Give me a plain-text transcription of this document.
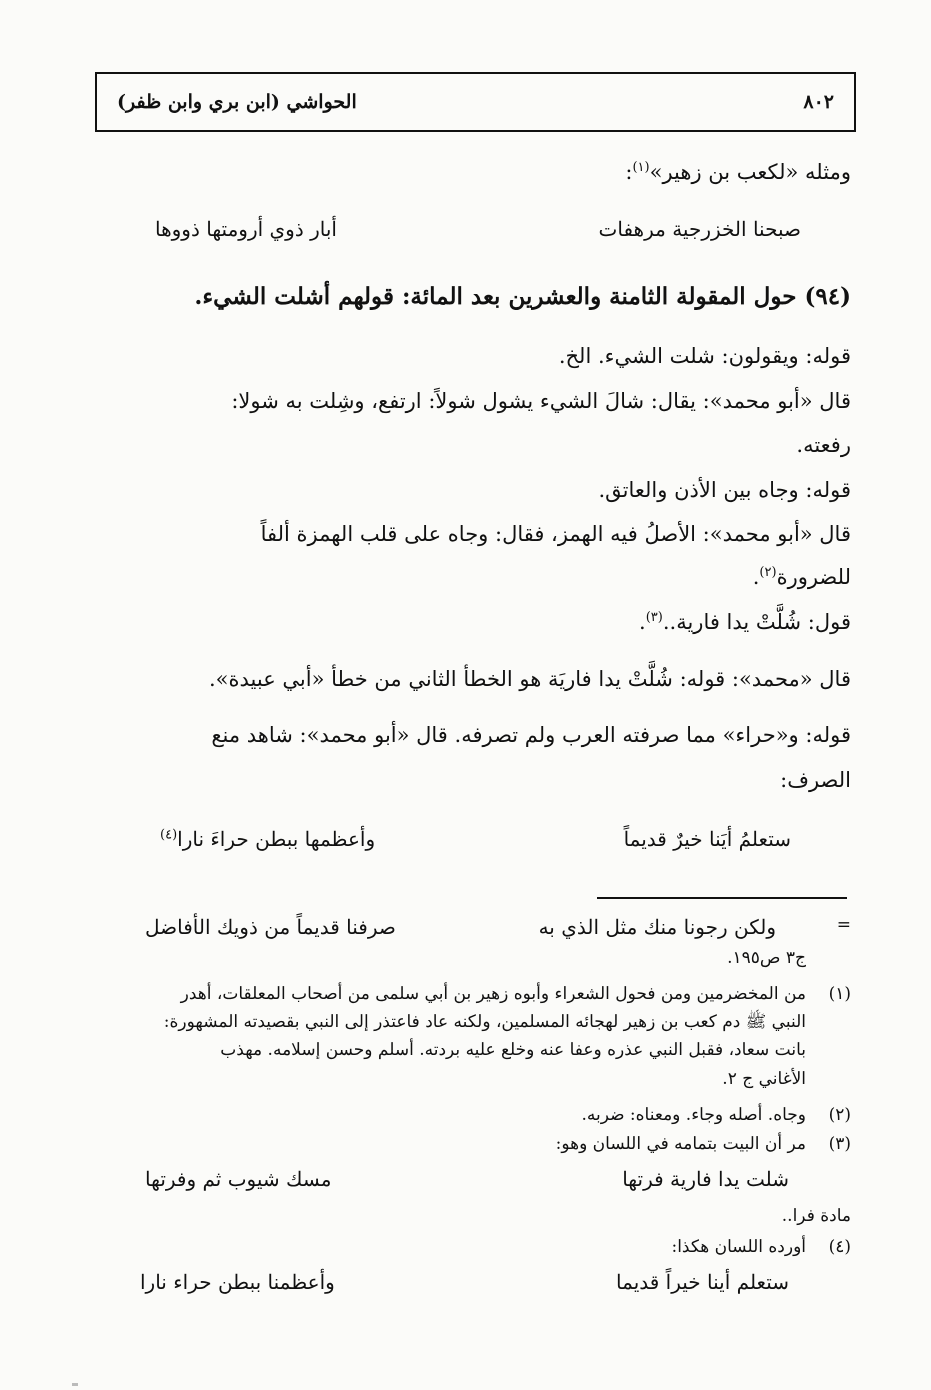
٨٠٢
الحواشي (ابن بري وابن ظفر)
ومثله «لكعب بن زهير»$^{(١)}$:
صبحنا الخزرجية مرهفات
أبار ذوي أرومتها ذووها
(٩٤) حول المقولة الثامنة والعشرين بعد المائة: قولهم أشلت الشيء.
قوله: ويقولون: شلت الشيء. الخ.
قال «أبو محمد»: يقال: شالَ الشيء يشول شولاً: ارتفع، وشِلت به شولا:
رفعته.
قوله: وجاه بين الأذن والعاتق.
قال «أبو محمد»: الأصلُ فيه الهمز، فقال: وجاه على قلب الهمزة ألفاً
للضرورة$^{(٢)}$.
قول: شُلَّتْ يدا فارية..$^{(٣)}$.
قال «محمد»: قوله: شُلَّتْ يدا فاريَة هو الخطأ الثاني من خطأ «أبي عبيدة».
قوله: و«حراء» مما صرفته العرب ولم تصرفه. قال «أبو محمد»: شاهد منع
الصرف:
ستعلمُ أيَنا خيرٌ قديماً
وأعظمها ببطن حراءَ نارا$^{(٤)}$
=
ولكن رجونا منك مثل الذي به
صرفنا قديماً من ذويك الأفاضل
ج٣ ص١٩٥.
(١)
من المخضرمين ومن فحول الشعراء وأبوه زهير بن أبي سلمى من أصحاب المعلقات، أهدر
النبي ﷺ دم كعب بن زهير لهجائه المسلمين، ولكنه عاد فاعتذر إلى النبي بقصيدته المشهورة:
بانت سعاد، فقبل النبي عذره وعفا عنه وخلع عليه بردته. أسلم وحسن إسلامه. مهذب
الأغاني ج ٢.
(٢)
وجاه. أصله وجاء. ومعناه: ضربه.
(٣)
مر أن البيت بتمامه في اللسان وهو:
شلت يدا فارية فرتها
مسك شيوب ثم وفرتها
مادة فرا..
(٤)
أورده اللسان هكذا:
ستعلم أينا خيراً قديما
وأعظمنا ببطن حراء نارا
